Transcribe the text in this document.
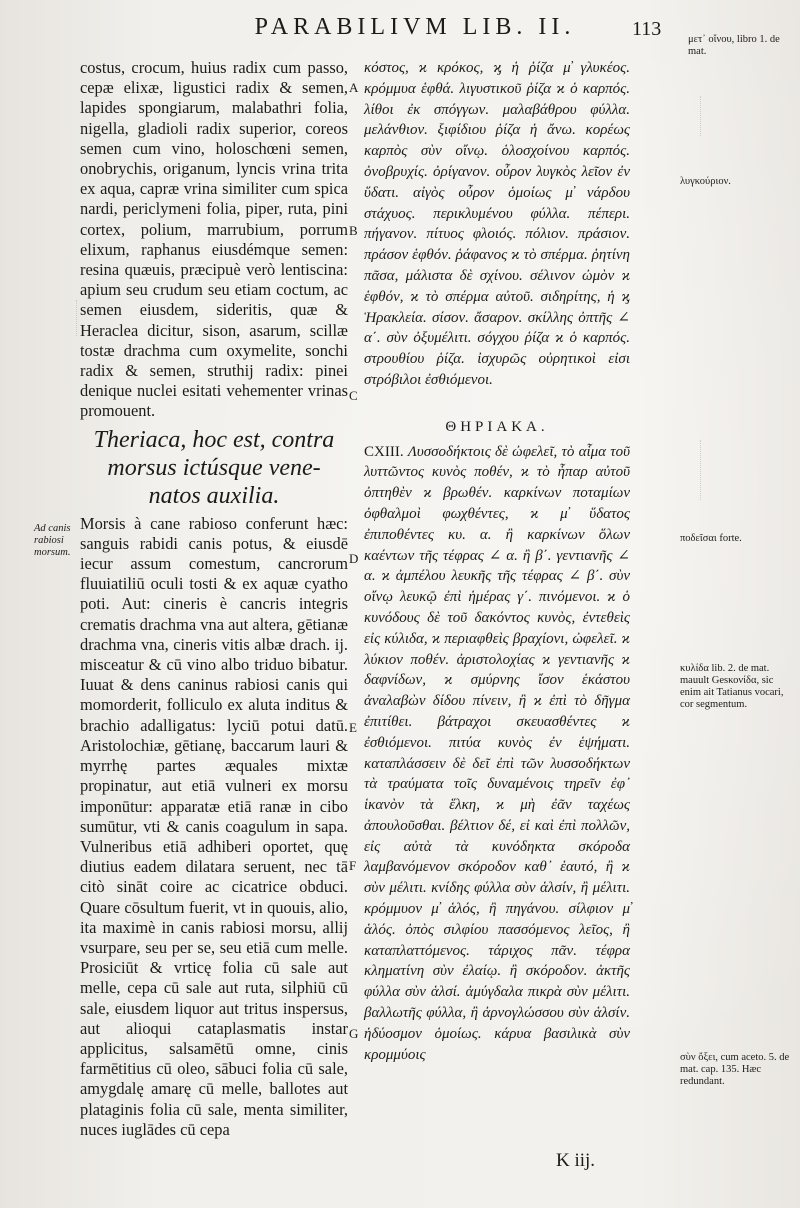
PARABILIVM LIB. II.	113

costus, crocum, huius radix cum passo, cepæ elixæ, ligustici radix & semen, lapides spongiarum, malabathri folia, nigella, gladioli radix superior, coreos semen cum vino, holoschœni semen, onobrychis, origanum, lyncis vrina trita ex aqua, capræ vrina similiter cum spica nardi, periclymeni folia, piper, ruta, pini cortex, polium, marrubium, porrum elixum, raphanus eiusdémque semen: resina quæuis, præcipuè verò lentiscina: apium seu crudum seu etiam coctum, ac semen eiusdem, sideritis, quæ & Heraclea dicitur, sison, asarum, scillæ tostæ drachma cum oxymelite, sonchi radix & semen, struthij radix: pinei denique nuclei esitati vehementer vrinas promouent.

Theriaca, hoc est, contra
morsus ictúsque vene-
natos auxilia.

Morsis à cane rabioso conferunt hæc: sanguis rabidi canis potus, & eiusdē iecur assum comestum, cancrorum fluuiatiliū oculi tosti & ex aquæ cyatho poti. Aut: cineris è cancris integris crematis drachma vna aut altera, gētianæ drachma vna, cineris vitis albæ drach. ij. misceatur & cū vino albo triduo bibatur. Iuuat & dens caninus rabiosi canis qui momorderit, folliculo ex aluta inditus & brachio adalligatus: lyciū potui datū. Aristolochiæ, gētianę, baccarum lauri & myrrhę partes æquales mixtæ propinatur, aut etiā vulneri ex morsu imponūtur: apparatæ etiā ranæ in cibo sumūtur, vti & canis coagulum in sapa. Vulneribus etiā adhiberi oportet, quę diutius eadem dilatara seruent, nec tā citò sināt coire ac cicatrice obduci. Quare cōsultum fuerit, vt in quouis, alio, ita maximè in canis rabiosi morsu, allij vsurpare, seu per se, seu etiā cum melle. Prosiciūt & vrticę folia cū sale aut melle, cepa cū sale aut ruta, silphiū cū sale, eiusdem liquor aut tritus inspersus, aut alioqui cataplasmatis instar applicitus, salsamētū omne, cinis farmētitius cū oleo, sābuci folia cū sale, amygdalę amarę cū melle, ballotes aut plataginis folia cū sale, menta similiter, nuces iuglādes cū cepa

κόστος, ϰ κρόκος, ϗ ἡ ῥίζα μ̓ γλυκέος. κρόμμυα ἑφθά. λιγυστικοῦ ῥίζα ϰ ὁ καρπός. λίθοι ἐκ σπόγγων. μαλαβάθρου φύλλα. μελάνθιον. ξιφίδιου ῥίζα ἡ ἄνω. κορέως καρπὸς σὺν οἴνῳ. ὁλοσχοίνου καρπός. ὀνοβρυχίς. ὀρίγανον. οὖρον λυγκὸς λεῖον ἐν ὕδατι. αἰγὸς οὖρον ὁμοίως μ̓ νάρδου στάχυος. περικλυμένου φύλλα. πέπερι. πήγανον. πίτυος φλοιός. πόλιον. πράσιον. πράσον ἑφθόν. ῥάφανος ϰ τὸ σπέρμα. ῥητίνη πᾶσα, μάλιστα δὲ σχίνου. σέλινον ὠμὸν ϰ ἑφθόν, ϰ τὸ σπέρμα αὐτοῦ. σιδηρίτης, ἡ ϗ Ἡρακλεία. σίσον. ἄσαρον. σκίλλης ὀπτῆς ∠ α΄. σὺν ὀξυμέλιτι. σόγχου ῥίζα ϰ ὁ καρπός. στρουθίου ῥίζα. ἰσχυρῶς οὐρητικοὶ εἰσι στρόβιλοι ἐσθιόμενοι.

ΘΗΡΙΑΚΑ.

CXIII. Λυσσοδήκτοις δὲ ὠφελεῖ, τὸ αἷμα τοῦ λυττῶντος κυνὸς ποθέν, ϰ τὸ ἧπαρ αὐτοῦ ὀπτηθὲν ϰ βρωθέν. καρκίνων ποταμίων ὀφθαλμοὶ φωχθέντες, ϰ μ̓ ὕδατος ἐπιποθέντες κυ. α. ἢ καρκίνων ὅλων καέντων τῆς τέφρας ∠ α. ἢ β΄. γεντιανῆς ∠ α. ϰ ἀμπέλου λευκῆς τῆς τέφρας ∠ β΄. σὺν οἴνῳ λευκῷ ἐπὶ ἡμέρας γ΄. πινόμενοι. ϰ ὁ κυνόδους δὲ τοῦ δακόντος κυνὸς, ἐντεθεὶς εἰς κύλιδα, ϰ περιαφθεὶς βραχίονι, ὠφελεῖ. ϰ λύκιον ποθέν. ἀριστολοχίας ϰ γεντιανῆς ϰ δαφνίδων, ϰ σμύρνης ἴσον ἑκάστου ἀναλαβὼν δίδου πίνειν, ἢ ϰ ἐπὶ τὸ δῆγμα ἐπιτίθει. βάτραχοι σκευασθέντες ϰ ἐσθιόμενοι. πιτύα κυνὸς ἐν ἑψήματι. καταπλάσσειν δὲ δεῖ ἐπὶ τῶν λυσσοδήκτων τὰ τραύματα τοῖς δυναμένοις τηρεῖν ἐφ᾽ ἱκανὸν τὰ ἕλκη, ϰ μὴ ἐᾶν ταχέως ἀπουλοῦσθαι. βέλτιον δέ, εἰ καὶ ἐπὶ πολλῶν, εἰς αὐτὰ τὰ κυνόδηκτα σκόροδα λαμβανόμενον σκόροδον καθ᾽ ἑαυτό, ἢ ϰ σὺν μέλιτι. κνίδης φύλλα σὺν ἁλσίν, ἢ μέλιτι. κρόμμυον μ̓ ἁλός, ἢ πηγάνου. σίλφιον μ̓ ἁλός. ὀπὸς σιλφίου πασσόμενος λεῖος, ἢ καταπλαττόμενος. τάριχος πᾶν. τέφρα κληματίνη σὺν ἐλαίῳ. ἢ σκόροδον. ἀκτῆς φύλλα σὺν ἁλσί. ἀμύγδαλα πικρὰ σὺν μέλιτι. βαλλωτῆς φύλλα, ἢ ἀρνογλώσσου σὺν ἁλσίν. ἡδύοσμον ὁμοίως. κάρυα βασιλικὰ σὺν κρομμύοις

A
B
C
D
E
F
G
Ad canis rabiosi morsum.
μετ᾽ οἴνου, libro 1. de mat.
λυγκούριον.
ποδεῖσαι forte.
κυλίδα lib. 2. de mat. mauult Gesκονίδα, sic enim ait Tatianus vocari, cor segmentum.
σὺν ὄξει, cum aceto. 5. de mat. cap. 135. Hæc redundant.
K iij.
